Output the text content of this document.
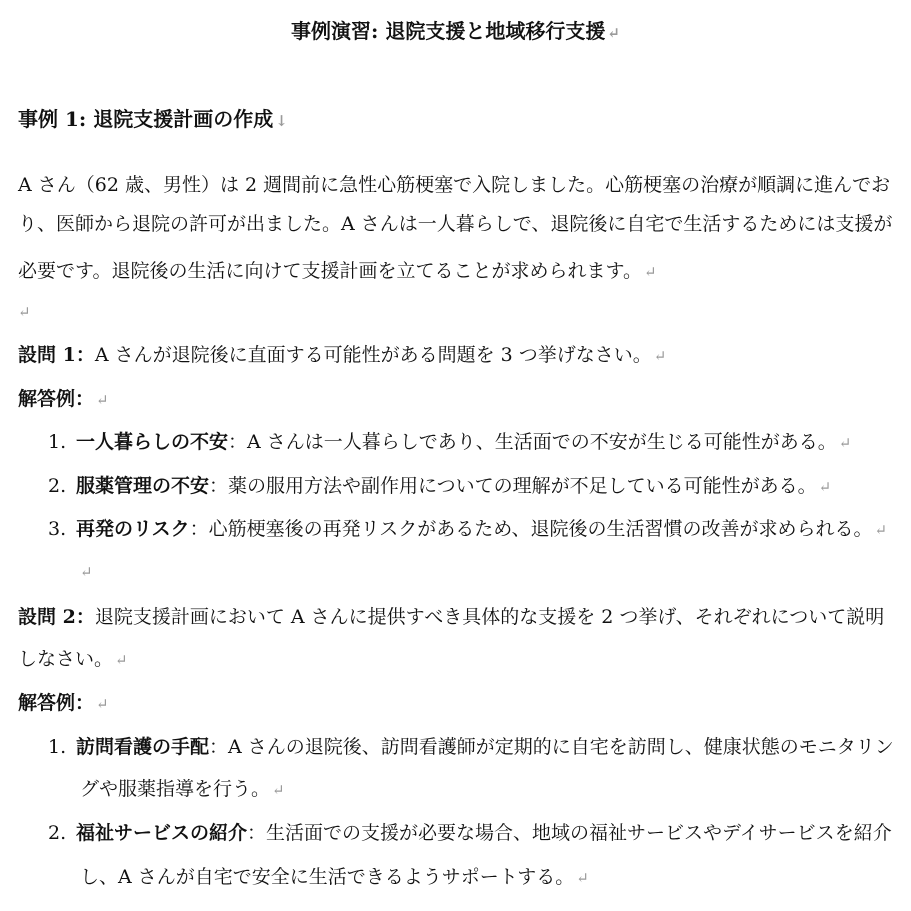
事例演習: 退院支援と地域移行支援 ↵
事例 1: 退院支援計画の作成 ↓
A さん（62 歳、男性）は 2 週間前に急性心筋梗塞で入院しました。心筋梗塞の治療が順調に進んでお
り、医師から退院の許可が出ました。A さんは一人暮らしで、退院後に自宅で生活するためには支援が
必要です。退院後の生活に向けて支援計画を立てることが求められます。 ↵
↵
設問 1：A さんが退院後に直面する可能性がある問題を 3 つ挙げなさい。 ↵
解答例： ↵
1. 一人暮らしの不安：A さんは一人暮らしであり、生活面での不安が生じる可能性がある。 ↵
2. 服薬管理の不安：薬の服用方法や副作用についての理解が不足している可能性がある。 ↵
3. 再発のリスク：心筋梗塞後の再発リスクがあるため、退院後の生活習慣の改善が求められる。 ↵
↵
設問 2：退院支援計画において A さんに提供すべき具体的な支援を 2 つ挙げ、それぞれについて説明
しなさい。 ↵
解答例： ↵
1. 訪問看護の手配：A さんの退院後、訪問看護師が定期的に自宅を訪問し、健康状態のモニタリン
グや服薬指導を行う。 ↵
2. 福祉サービスの紹介：生活面での支援が必要な場合、地域の福祉サービスやデイサービスを紹介
し、A さんが自宅で安全に生活できるようサポートする。 ↵
